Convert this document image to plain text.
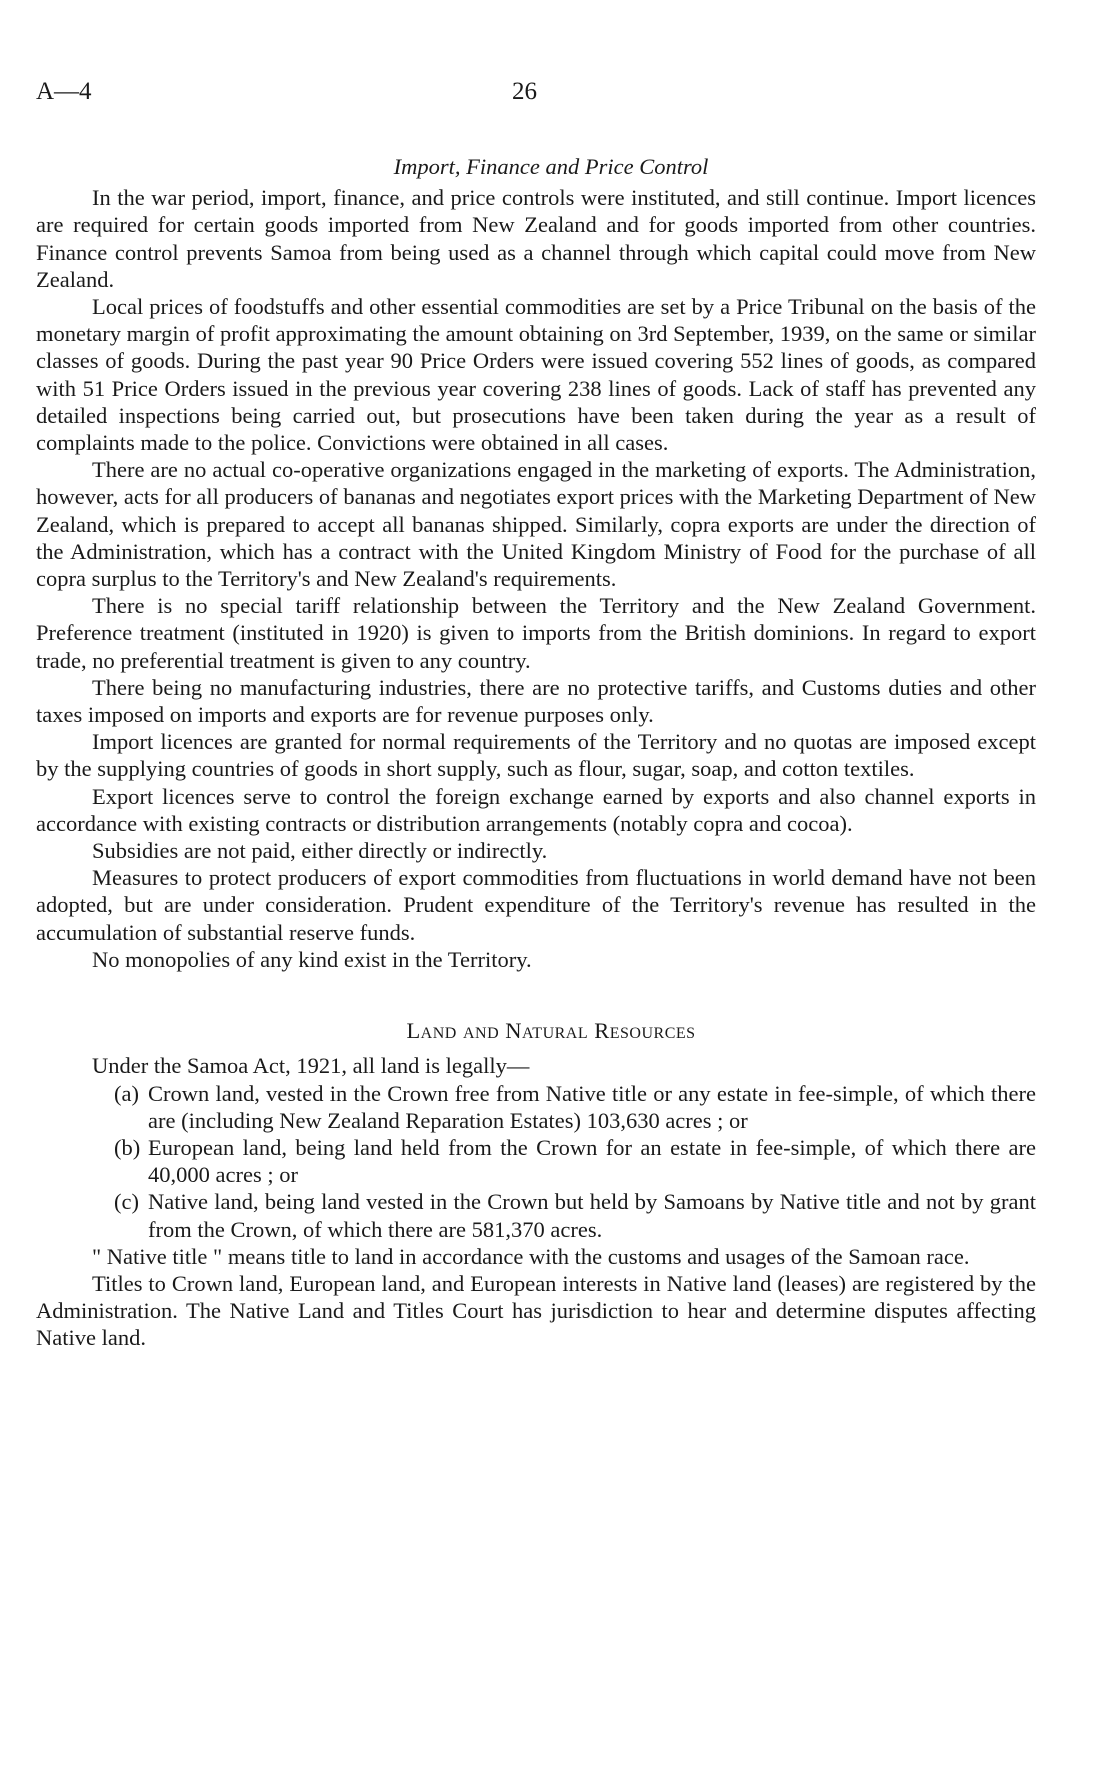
A—4	26
Import, Finance and Price Control

In the war period, import, finance, and price controls were instituted, and still continue. Import licences are required for certain goods imported from New Zealand and for goods imported from other countries. Finance control prevents Samoa from being used as a channel through which capital could move from New Zealand.

Local prices of foodstuffs and other essential commodities are set by a Price Tribunal on the basis of the monetary margin of profit approximating the amount obtaining on 3rd September, 1939, on the same or similar classes of goods. During the past year 90 Price Orders were issued covering 552 lines of goods, as compared with 51 Price Orders issued in the previous year covering 238 lines of goods. Lack of staff has prevented any detailed inspections being carried out, but prosecutions have been taken during the year as a result of complaints made to the police. Convictions were obtained in all cases.

There are no actual co-operative organizations engaged in the marketing of exports. The Administration, however, acts for all producers of bananas and negotiates export prices with the Marketing Department of New Zealand, which is prepared to accept all bananas shipped. Similarly, copra exports are under the direction of the Administration, which has a contract with the United Kingdom Ministry of Food for the purchase of all copra surplus to the Territory's and New Zealand's requirements.

There is no special tariff relationship between the Territory and the New Zealand Government. Preference treatment (instituted in 1920) is given to imports from the British dominions. In regard to export trade, no preferential treatment is given to any country.

There being no manufacturing industries, there are no protective tariffs, and Customs duties and other taxes imposed on imports and exports are for revenue purposes only.

Import licences are granted for normal requirements of the Territory and no quotas are imposed except by the supplying countries of goods in short supply, such as flour, sugar, soap, and cotton textiles.

Export licences serve to control the foreign exchange earned by exports and also channel exports in accordance with existing contracts or distribution arrangements (notably copra and cocoa).

Subsidies are not paid, either directly or indirectly.

Measures to protect producers of export commodities from fluctuations in world demand have not been adopted, but are under consideration. Prudent expenditure of the Territory's revenue has resulted in the accumulation of substantial reserve funds.

No monopolies of any kind exist in the Territory.

Land and Natural Resources

Under the Samoa Act, 1921, all land is legally—

(a) Crown land, vested in the Crown free from Native title or any estate in fee-simple, of which there are (including New Zealand Reparation Estates) 103,630 acres ; or
(b) European land, being land held from the Crown for an estate in fee-simple, of which there are 40,000 acres ; or
(c) Native land, being land vested in the Crown but held by Samoans by Native title and not by grant from the Crown, of which there are 581,370 acres.

" Native title " means title to land in accordance with the customs and usages of the Samoan race.

Titles to Crown land, European land, and European interests in Native land (leases) are registered by the Administration. The Native Land and Titles Court has jurisdiction to hear and determine disputes affecting Native land.
